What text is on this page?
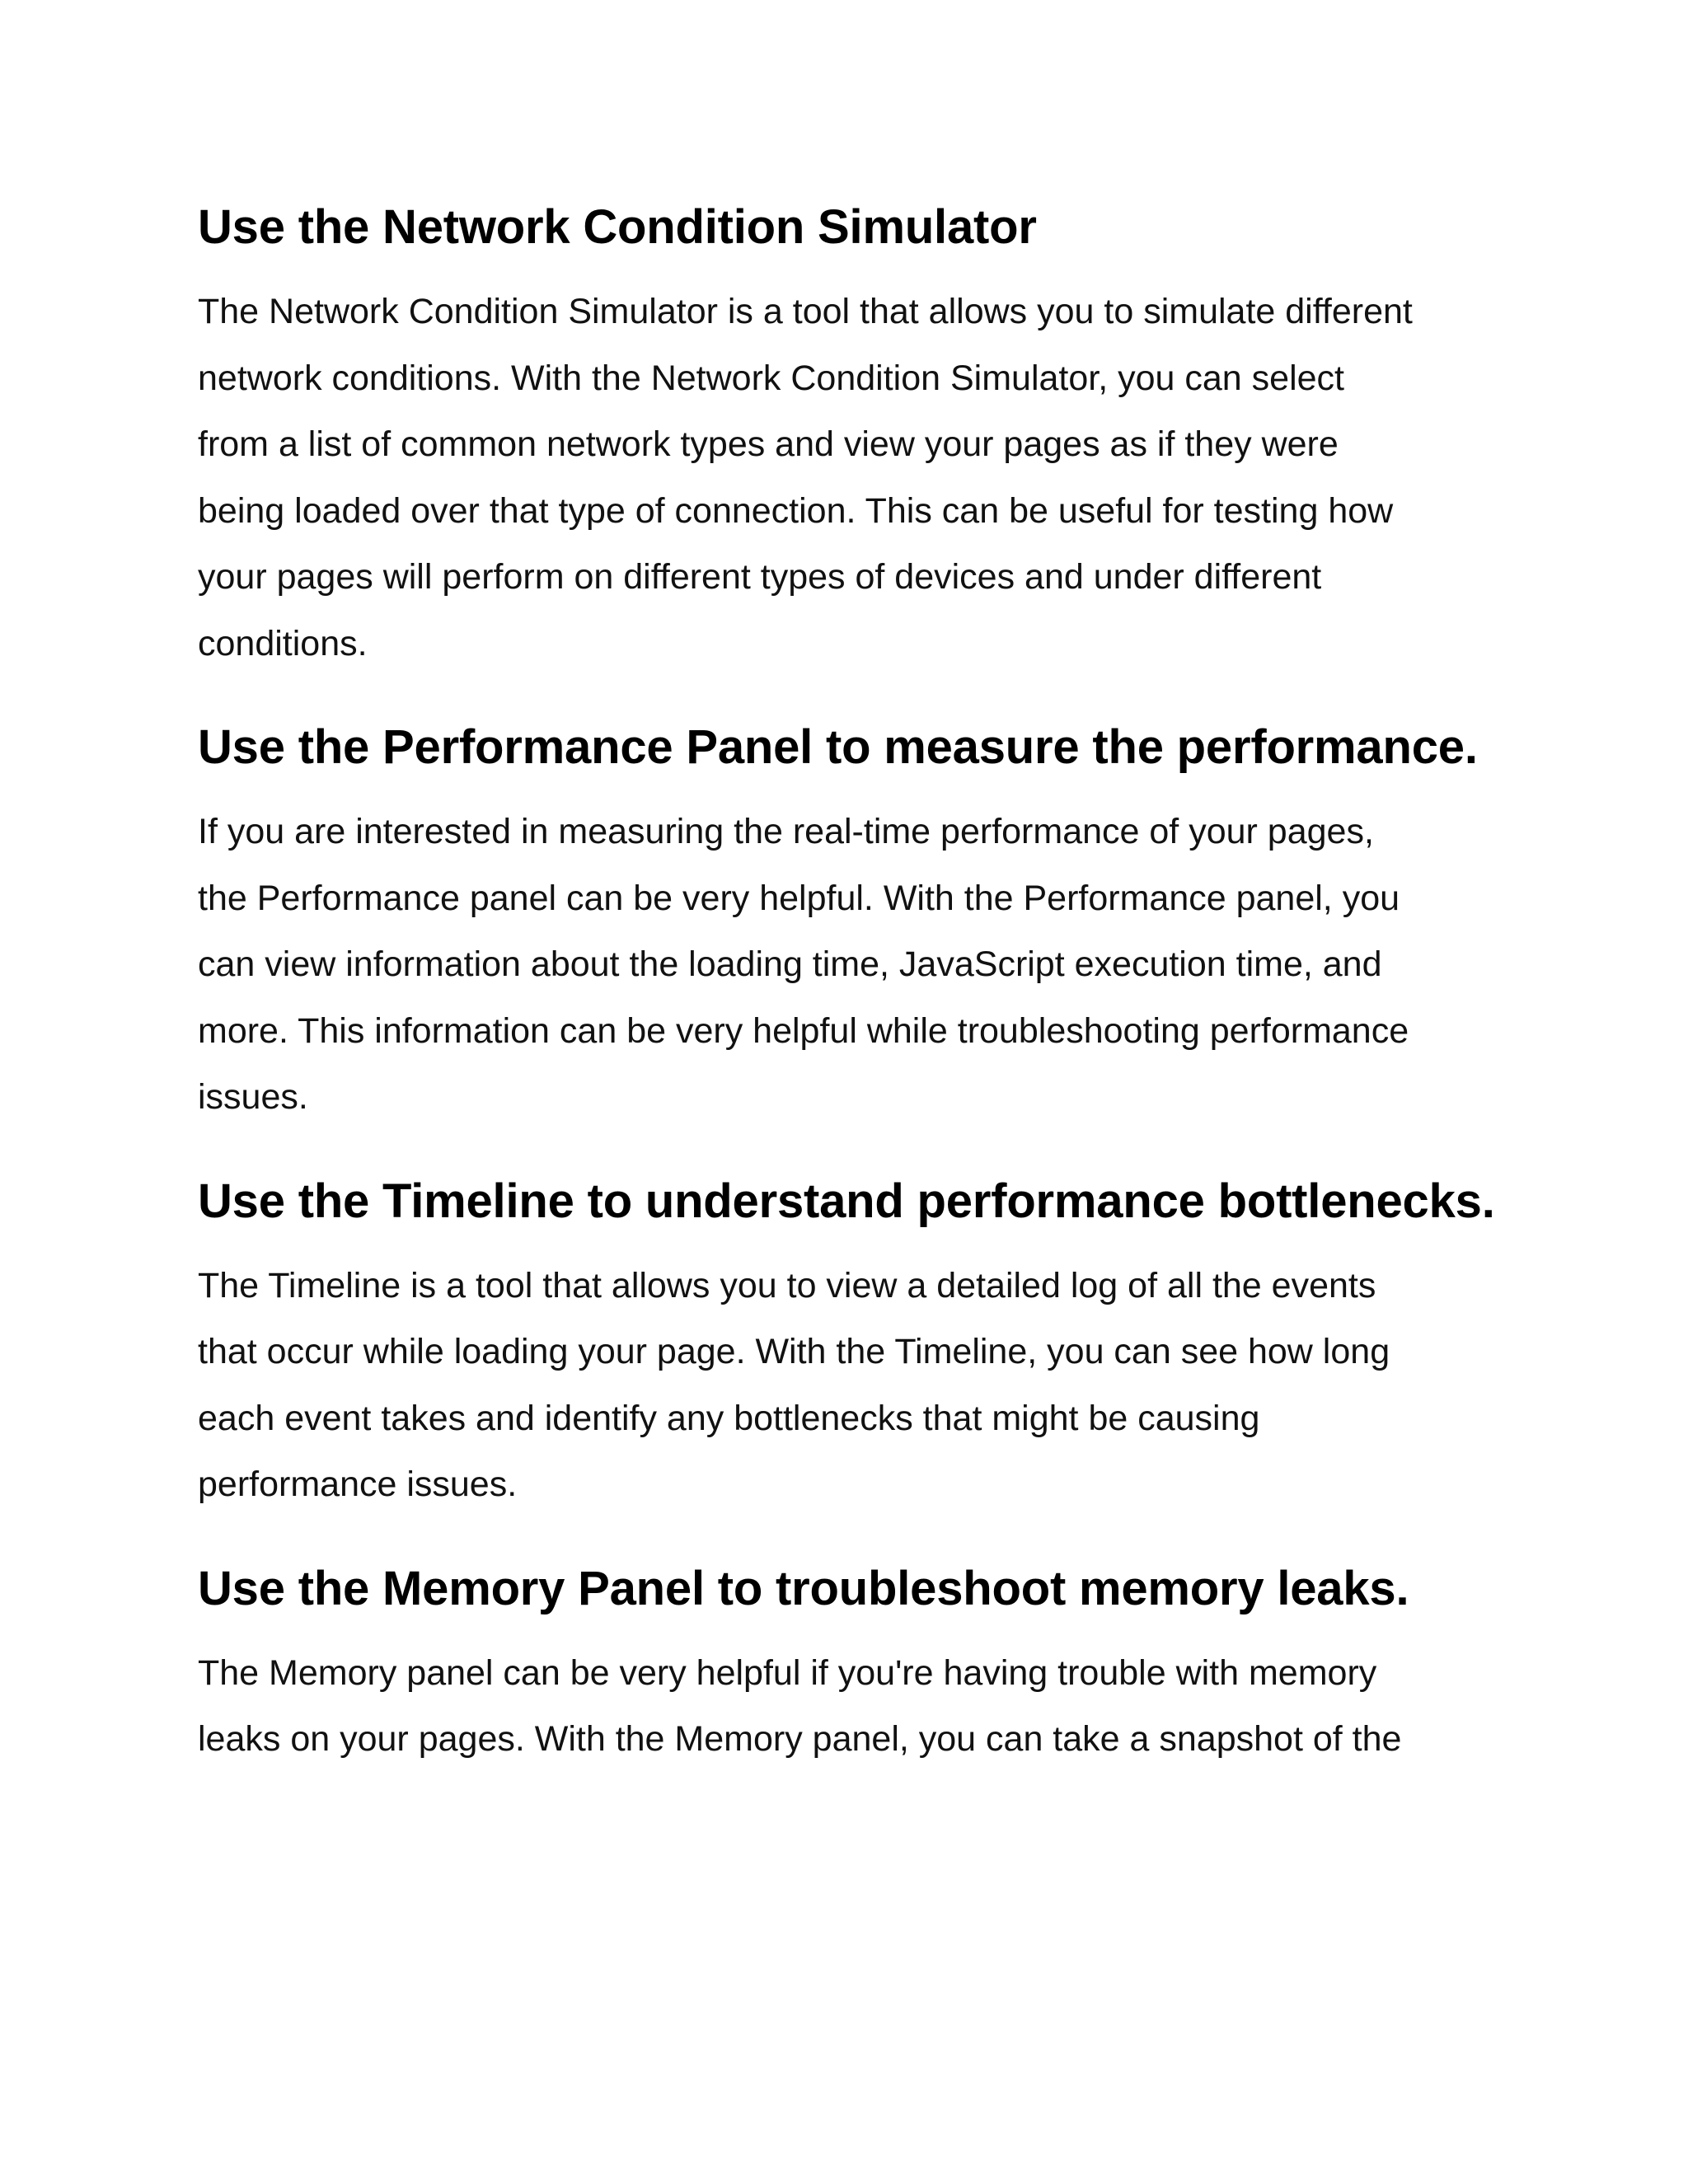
Use the Network Condition Simulator

The Network Condition Simulator is a tool that allows you to simulate different

network conditions. With the Network Condition Simulator, you can select

from a list of common network types and view your pages as if they were

being loaded over that type of connection. This can be useful for testing how

your pages will perform on different types of devices and under different

conditions.

Use the Performance Panel to measure the performance.

If you are interested in measuring the real-time performance of your pages,

the Performance panel can be very helpful. With the Performance panel, you

can view information about the loading time, JavaScript execution time, and

more. This information can be very helpful while troubleshooting performance

issues.

Use the Timeline to understand performance bottlenecks.

The Timeline is a tool that allows you to view a detailed log of all the events

that occur while loading your page. With the Timeline, you can see how long

each event takes and identify any bottlenecks that might be causing

performance issues.

Use the Memory Panel to troubleshoot memory leaks.

The Memory panel can be very helpful if you're having trouble with memory

leaks on your pages. With the Memory panel, you can take a snapshot of the
